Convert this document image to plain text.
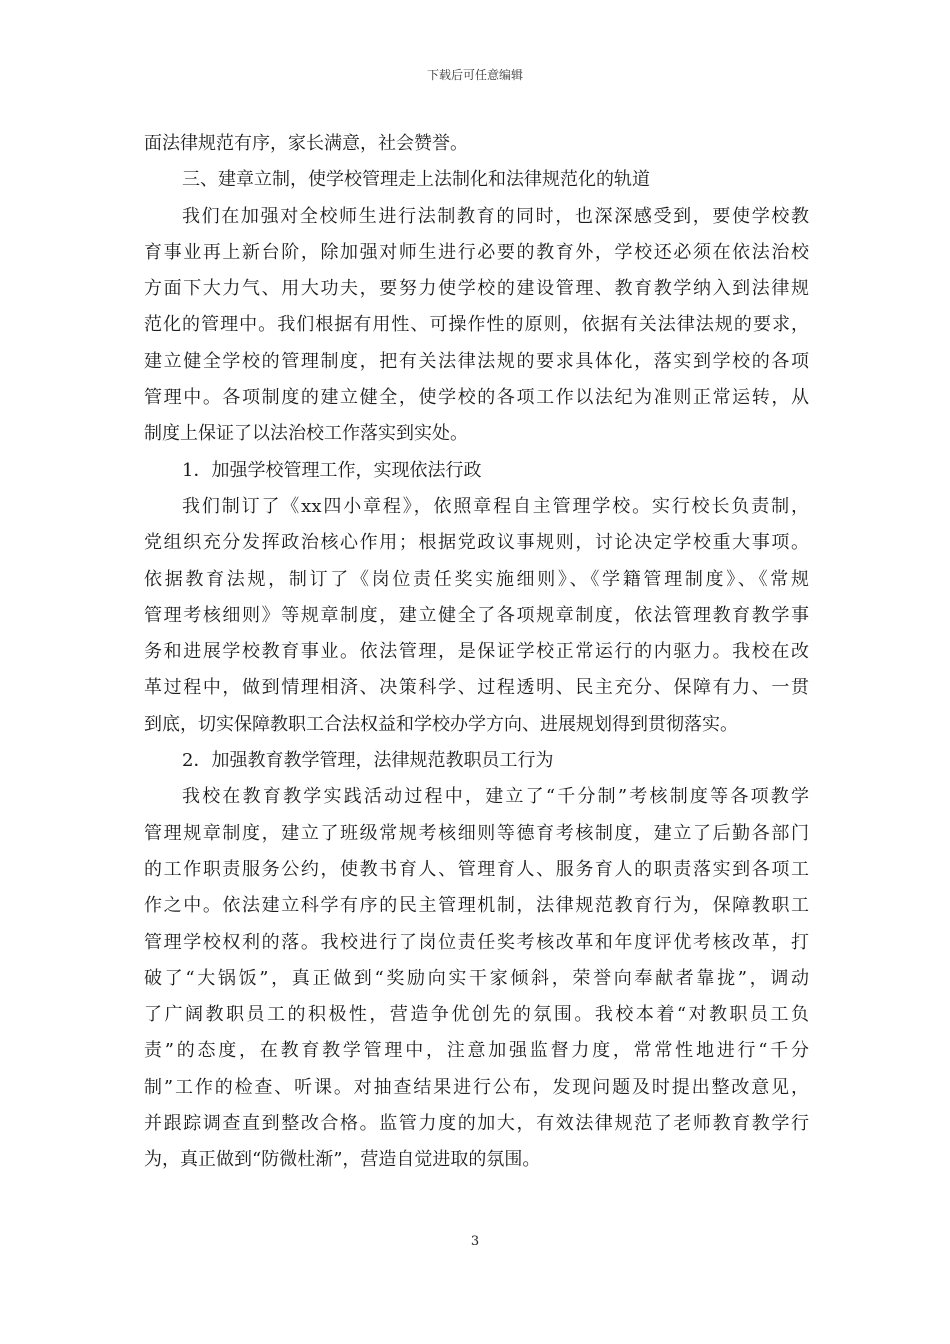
下载后可任意编辑
面法律规范有序，家长满意，社会赞誉。
三、建章立制，使学校管理走上法制化和法律规范化的轨道
我们在加强对全校师生进行法制教育的同时，也深深感受到，要使学校教
育事业再上新台阶，除加强对师生进行必要的教育外，学校还必须在依法治校
方面下大力气、用大功夫，要努力使学校的建设管理、教育教学纳入到法律规
范化的管理中。我们根据有用性、可操作性的原则，依据有关法律法规的要求，
建立健全学校的管理制度，把有关法律法规的要求具体化，落实到学校的各项
管理中。各项制度的建立健全，使学校的各项工作以法纪为准则正常运转，从
制度上保证了以法治校工作落实到实处。
1．加强学校管理工作，实现依法行政
我们制订了《xx四小章程》，依照章程自主管理学校。实行校长负责制，
党组织充分发挥政治核心作用；根据党政议事规则，讨论决定学校重大事项。
依据教育法规，制订了《岗位责任奖实施细则》、《学籍管理制度》、《常规
管理考核细则》等规章制度，建立健全了各项规章制度，依法管理教育教学事
务和进展学校教育事业。依法管理，是保证学校正常运行的内驱力。我校在改
革过程中，做到情理相済、决策科学、过程透明、民主充分、保障有力、一贯
到底，切实保障教职工合法权益和学校办学方向、进展规划得到贯彻落实。
2．加强教育教学管理，法律规范教职员工行为
我校在教育教学实践活动过程中，建立了“千分制”考核制度等各项教学
管理规章制度，建立了班级常规考核细则等德育考核制度，建立了后勤各部门
的工作职责服务公约，使教书育人、管理育人、服务育人的职责落实到各项工
作之中。依法建立科学有序的民主管理机制，法律规范教育行为，保障教职工
管理学校权利的落。我校进行了岗位责任奖考核改革和年度评优考核改革，打
破了“大锅饭”，真正做到“奖励向实干家倾斜，荣誉向奉献者靠拢”，调动
了广阔教职员工的积极性，营造争优创先的氛围。我校本着“对教职员工负
责”的态度，在教育教学管理中，注意加强监督力度，常常性地进行“千分
制”工作的检查、听课。对抽查结果进行公布，发现问题及时提出整改意见，
并跟踪调查直到整改合格。监管力度的加大，有效法律规范了老师教育教学行
为，真正做到“防微杜渐”，营造自觉进取的氛围。
3
